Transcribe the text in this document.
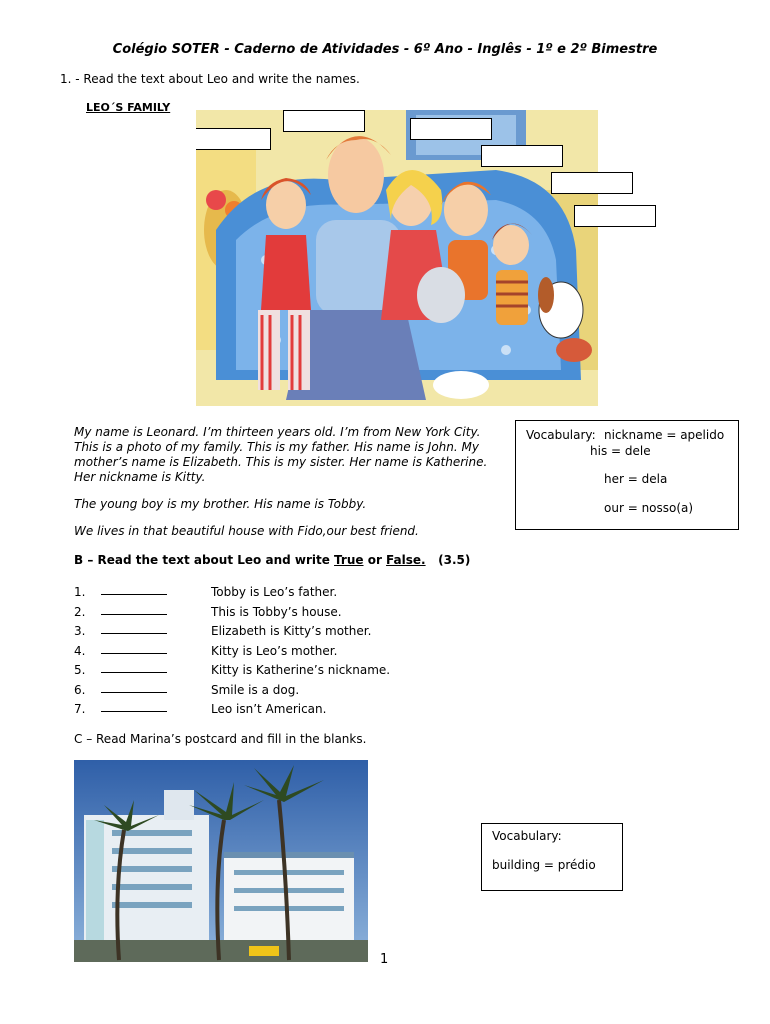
Colégio SOTER - Caderno de Atividades - 6º Ano - Inglês - 1º e 2º Bimestre
1. - Read the text about Leo and write the names.
LEO´S FAMILY

My name is Leonard. I’m thirteen years old. I’m from New York City. This is a photo of my family. This is my father. His name is John. My mother’s name is Elizabeth. This is my sister. Her name is Katherine. Her nickname is Kitty.

The young boy is my brother. His name is Tobby.

We lives in that beautiful house with Fido,our best friend.

Vocabulary: nickname = apelido
his = dele
her = dela
our = nosso(a)
B – Read the text about Leo and write True or False. (3.5)
1.	Tobby is Leo’s father.
2.	This is Tobby’s house.
3.	Elizabeth is Kitty’s mother.
4.	Kitty is Leo’s mother.
5.	Kitty is Katherine’s nickname.
6.	Smile is a dog.
7.	Leo isn’t American.
C – Read Marina’s postcard and fill in the blanks.
Vocabulary:
building = prédio
1
